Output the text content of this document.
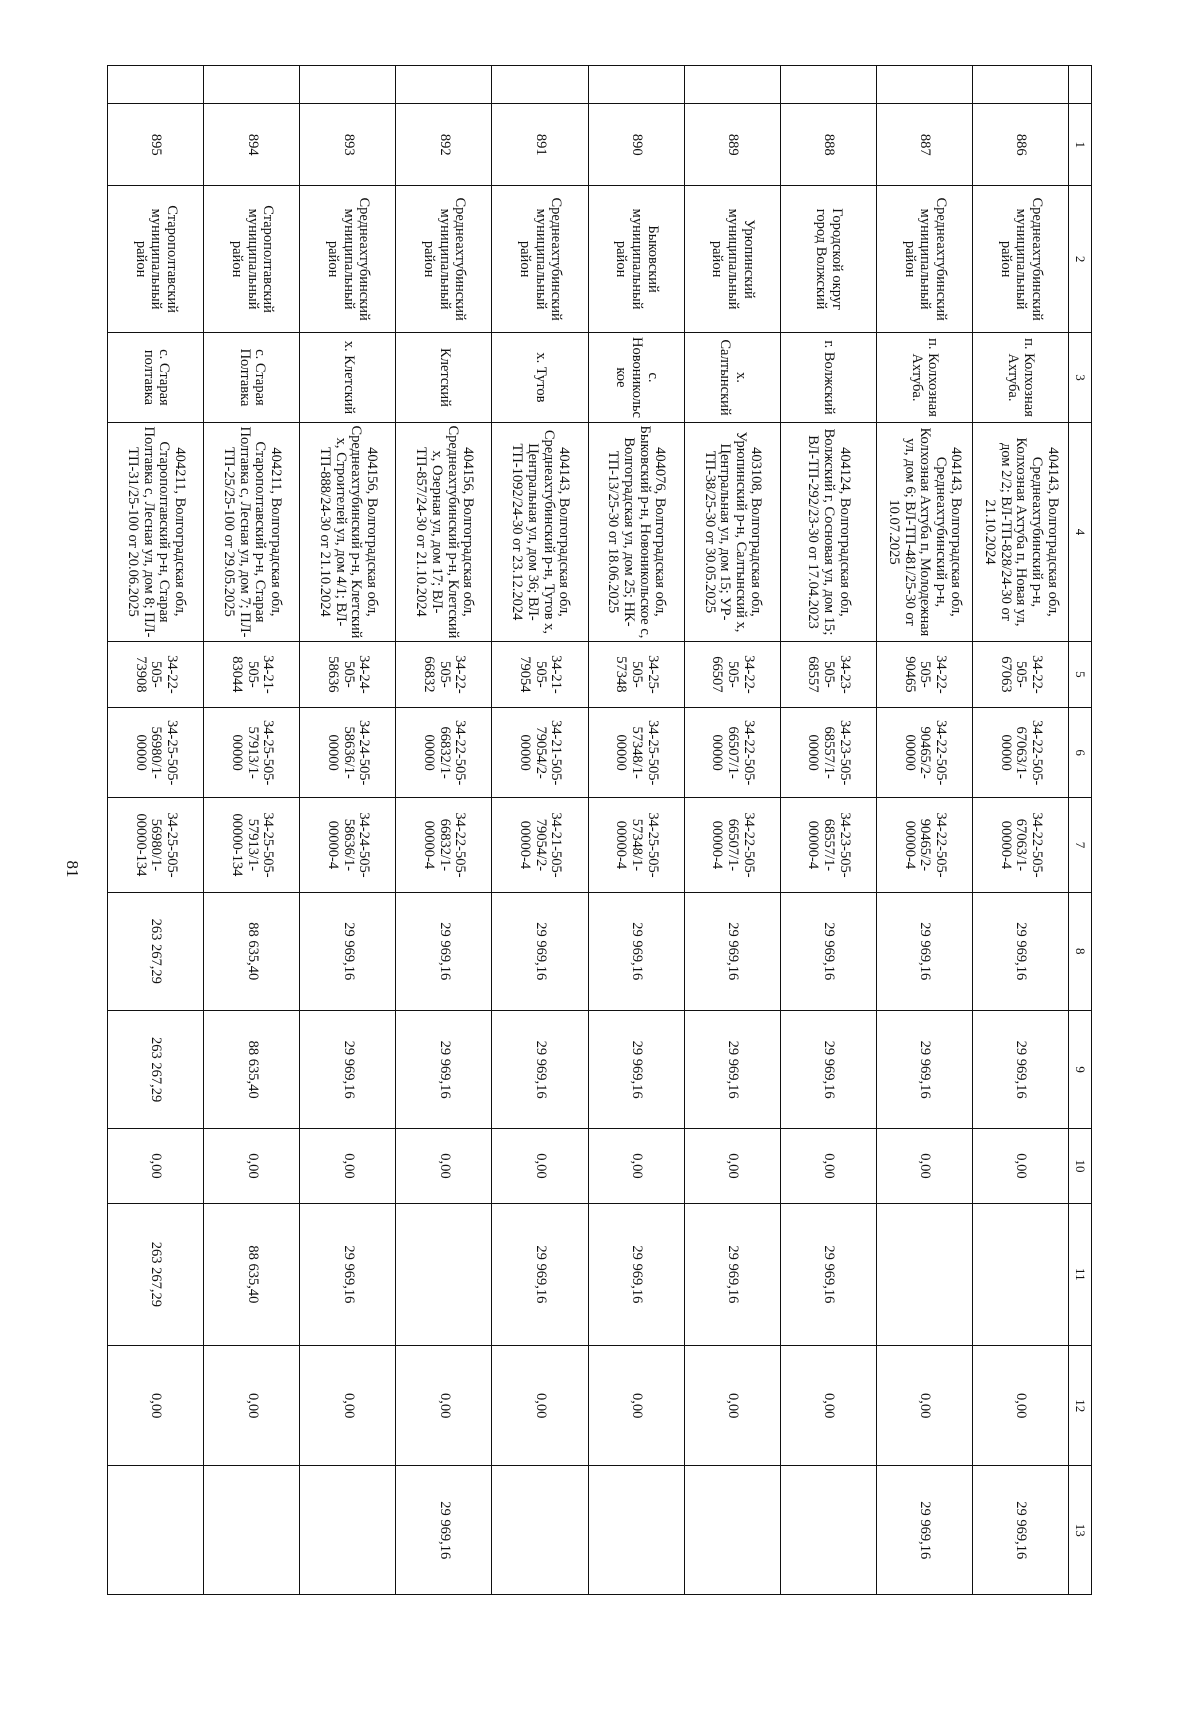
81
	1	2	3	4	5	6	7	8	9	10	11	12	13
	886	Среднеахтубинский муниципальный район	п. Колхозная Ахтуба.	404143, Волгоградская обл, Среднеахтубинский р-н, Колхозная Ахтуба п, Новая ул, дом 2/2; ВЛ-ТП-828/24-30 от 21.10.2024	34-22-505-67063	34-22-505-67063/1-00000	34-22-505-67063/1-00000-4	29 969,16	29 969,16	0,00		0,00	29 969,16
	887	Среднеахтубинский муниципальный район	п. Колхозная Ахтуба.	404143, Волгоградская обл, Среднеахтубинский р-н, Колхозная Ахтуба п, Молодежная ул, дом 6; ВЛ-ТП-481/25-30 от 10.07.2025	34-22-505-90465	34-22-505-90465/2-00000	34-22-505-90465/2-00000-4	29 969,16	29 969,16	0,00		0,00	29 969,16
	888	Городской округ город Волжский	г. Волжский	404124, Волгоградская обл, Волжский г, Сосновая ул, дом 15; ВЛ-ТП-292/23-30 от 17.04.2023	34-23-505-68557	34-23-505-68557/1-00000	34-23-505-68557/1-00000-4	29 969,16	29 969,16	0,00	29 969,16	0,00	
	889	Урюпинский муниципальный район	х. Салтынский	403108, Волгоградская обл, Урюпинский р-н, Салтынский х, Центральная ул, дом 15; УР-ТП-38/25-30 от 30.05.2025	34-22-505-66507	34-22-505-66507/1-00000	34-22-505-66507/1-00000-4	29 969,16	29 969,16	0,00	29 969,16	0,00	
	890	Быковский муниципальный район	с. Новоникольское	404076, Волгоградская обл, Быковский р-н, Новоникольское с, Волгоградская ул, дом 25; НК-ТП-13/25-30 от 18.06.2025	34-25-505-57348	34-25-505-57348/1-00000	34-25-505-57348/1-00000-4	29 969,16	29 969,16	0,00	29 969,16	0,00	
	891	Среднеахтубинский муниципальный район	х. Тутов	404143, Волгоградская обл, Среднеахтубинский р-н, Тутов х, Центральная ул, дом 36; ВЛ-ТП-1092/24-30 от 23.12.2024	34-21-505-79054	34-21-505-79054/2-00000	34-21-505-79054/2-00000-4	29 969,16	29 969,16	0,00	29 969,16	0,00	
	892	Среднеахтубинский муниципальный район	Клетский	404156, Волгоградская обл, Среднеахтубинский р-н, Клетский х, Озерная ул, дом 17; ВЛ-ТП-857/24-30 от 21.10.2024	34-22-505-66832	34-22-505-66832/1-00000	34-22-505-66832/1-00000-4	29 969,16	29 969,16	0,00		0,00	29 969,16
	893	Среднеахтубинский муниципальный район	х. Клетский	404156, Волгоградская обл, Среднеахтубинский р-н, Клетский х, Строителей ул, дом 4/1; ВЛ-ТП-888/24-30 от 21.10.2024	34-24-505-58636	34-24-505-58636/1-00000	34-24-505-58636/1-00000-4	29 969,16	29 969,16	0,00	29 969,16	0,00	
	894	Старополтавский муниципальный район	с. Старая Полтавка	404211, Волгоградская обл, Старополтавский р-н, Старая Полтавка с, Лесная ул, дом 7; ПЛ-ТП-25/25-100 от 29.05.2025	34-21-505-83044	34-25-505-57913/1-00000	34-25-505-57913/1-00000-134	88 635,40	88 635,40	0,00	88 635,40	0,00	
	895	Старополтавский муниципальный район	с. Старая полтавка	404211, Волгоградская обл, Старополтавский р-н, Старая Полтавка с, Лесная ул, дом 8; ПЛ-ТП-31/25-100 от 20.06.2025	34-22-505-73908	34-25-505-56980/1-00000	34-25-505-56980/1-00000-134	263 267,29	263 267,29	0,00	263 267,29	0,00	
